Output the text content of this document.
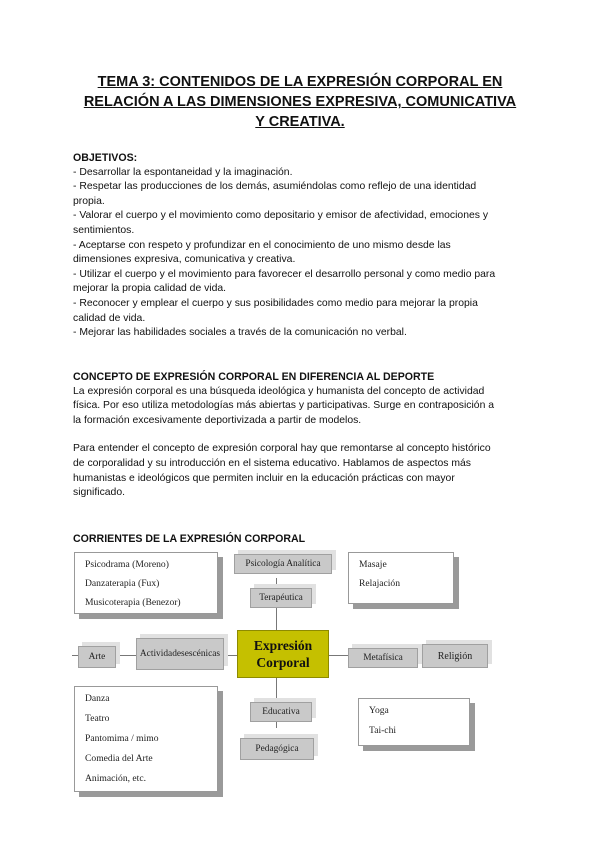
TEMA 3: CONTENIDOS DE LA EXPRESIÓN CORPORAL EN
RELACIÓN A LAS DIMENSIONES EXPRESIVA, COMUNICATIVA
Y CREATIVA.
OBJETIVOS:

- Desarrollar la espontaneidad y la imaginación.

- Respetar las producciones de los demás, asumiéndolas como reflejo de una identidad

propia.

- Valorar el cuerpo y el movimiento como depositario y emisor de afectividad, emociones y

sentimientos.

- Aceptarse con respeto y profundizar en el conocimiento de uno mismo desde las

dimensiones expresiva, comunicativa y creativa.

- Utilizar el cuerpo y el movimiento para favorecer el desarrollo personal y como medio para

mejorar la propia calidad de vida.

- Reconocer y emplear el cuerpo y sus posibilidades como medio para mejorar la propia

calidad de vida.

- Mejorar las habilidades sociales a través de la comunicación no verbal.

CONCEPTO DE EXPRESIÓN CORPORAL EN DIFERENCIA AL DEPORTE

La expresión corporal es una búsqueda ideológica y humanista del concepto de actividad

física. Por eso utiliza metodologías más abiertas y participativas. Surge en contraposición a

la formación excesivamente deportivizada a partir de modelos.

Para entender el concepto de expresión corporal hay que remontarse al concepto histórico

de corporalidad y su introducción en el sistema educativo. Hablamos de aspectos más

humanistas e ideológicos que permiten incluir en la educación prácticas con mayor

significado.

CORRIENTES DE LA EXPRESIÓN CORPORAL
Psicodrama (Moreno)
Danzaterapia (Fux)
Musicoterapia (Benezor)
Psicología Analítica
Terapéutica
Masaje
Relajación
Arte	Actividades escénicas
Expresión
Corporal	Metafísica	Religión
Educativa
Pedagógica
Danza
Teatro
Pantomima / mimo
Comedia del Arte
Animación, etc.
Yoga
Tai-chi
